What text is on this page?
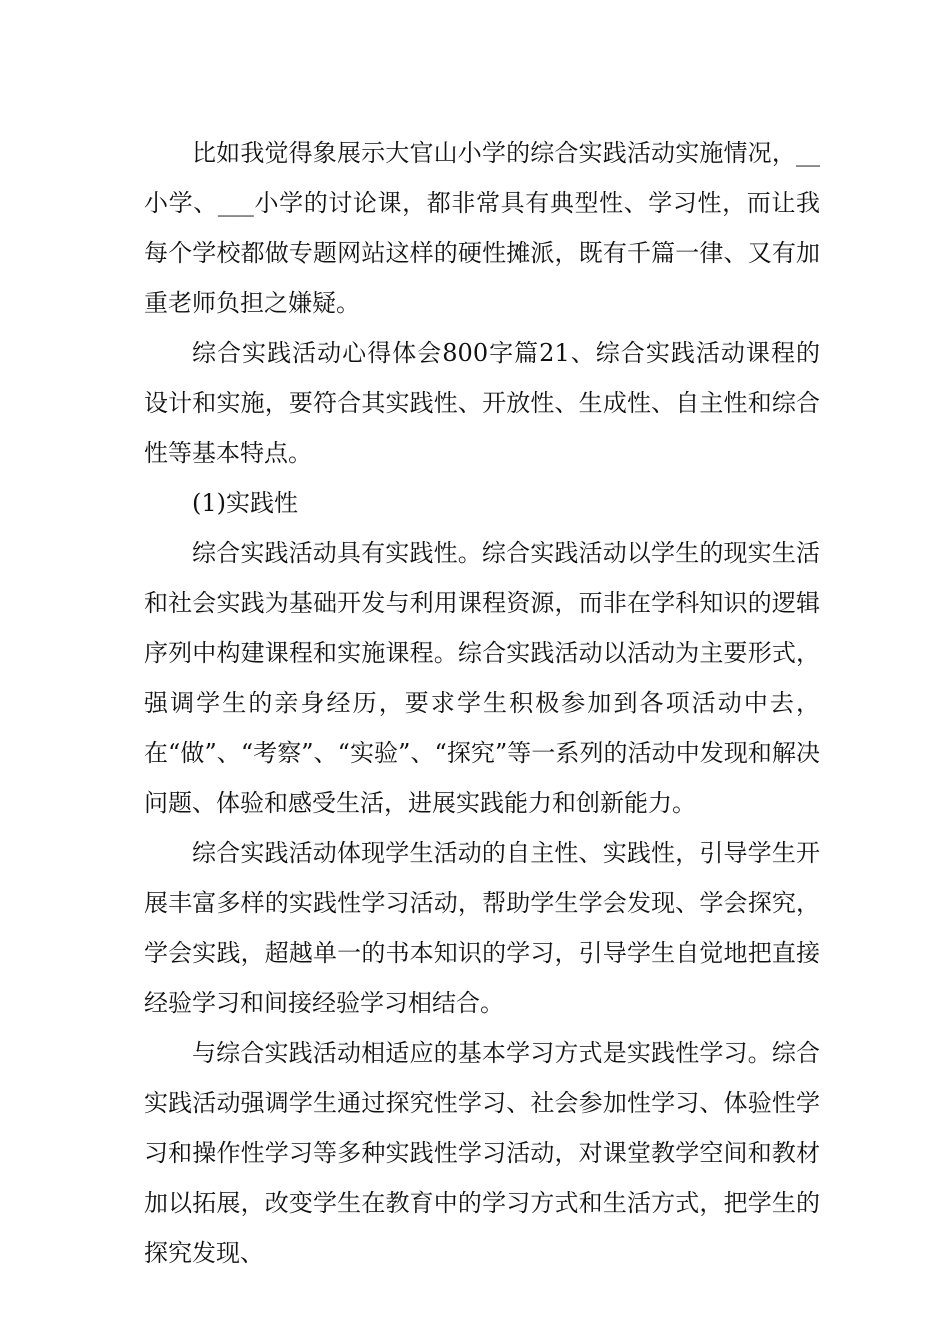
比如我觉得象展示大官山小学的综合实践活动实施情况，__小学、___小学的讨论课，都非常具有典型性、学习性，而让我每个学校都做专题网站这样的硬性摊派，既有千篇一律、又有加重老师负担之嫌疑。

综合实践活动心得体会800字篇21、综合实践活动课程的设计和实施，要符合其实践性、开放性、生成性、自主性和综合性等基本特点。

(1)实践性

综合实践活动具有实践性。综合实践活动以学生的现实生活和社会实践为基础开发与利用课程资源，而非在学科知识的逻辑序列中构建课程和实施课程。综合实践活动以活动为主要形式，强调学生的亲身经历，要求学生积极参加到各项活动中去，在“做”、“考察”、“实验”、“探究”等一系列的活动中发现和解决问题、体验和感受生活，进展实践能力和创新能力。

综合实践活动体现学生活动的自主性、实践性，引导学生开展丰富多样的实践性学习活动，帮助学生学会发现、学会探究，学会实践，超越单一的书本知识的学习，引导学生自觉地把直接经验学习和间接经验学习相结合。

与综合实践活动相适应的基本学习方式是实践性学习。综合实践活动强调学生通过探究性学习、社会参加性学习、体验性学习和操作性学习等多种实践性学习活动，对课堂教学空间和教材加以拓展，改变学生在教育中的学习方式和生活方式，把学生的探究发现、
